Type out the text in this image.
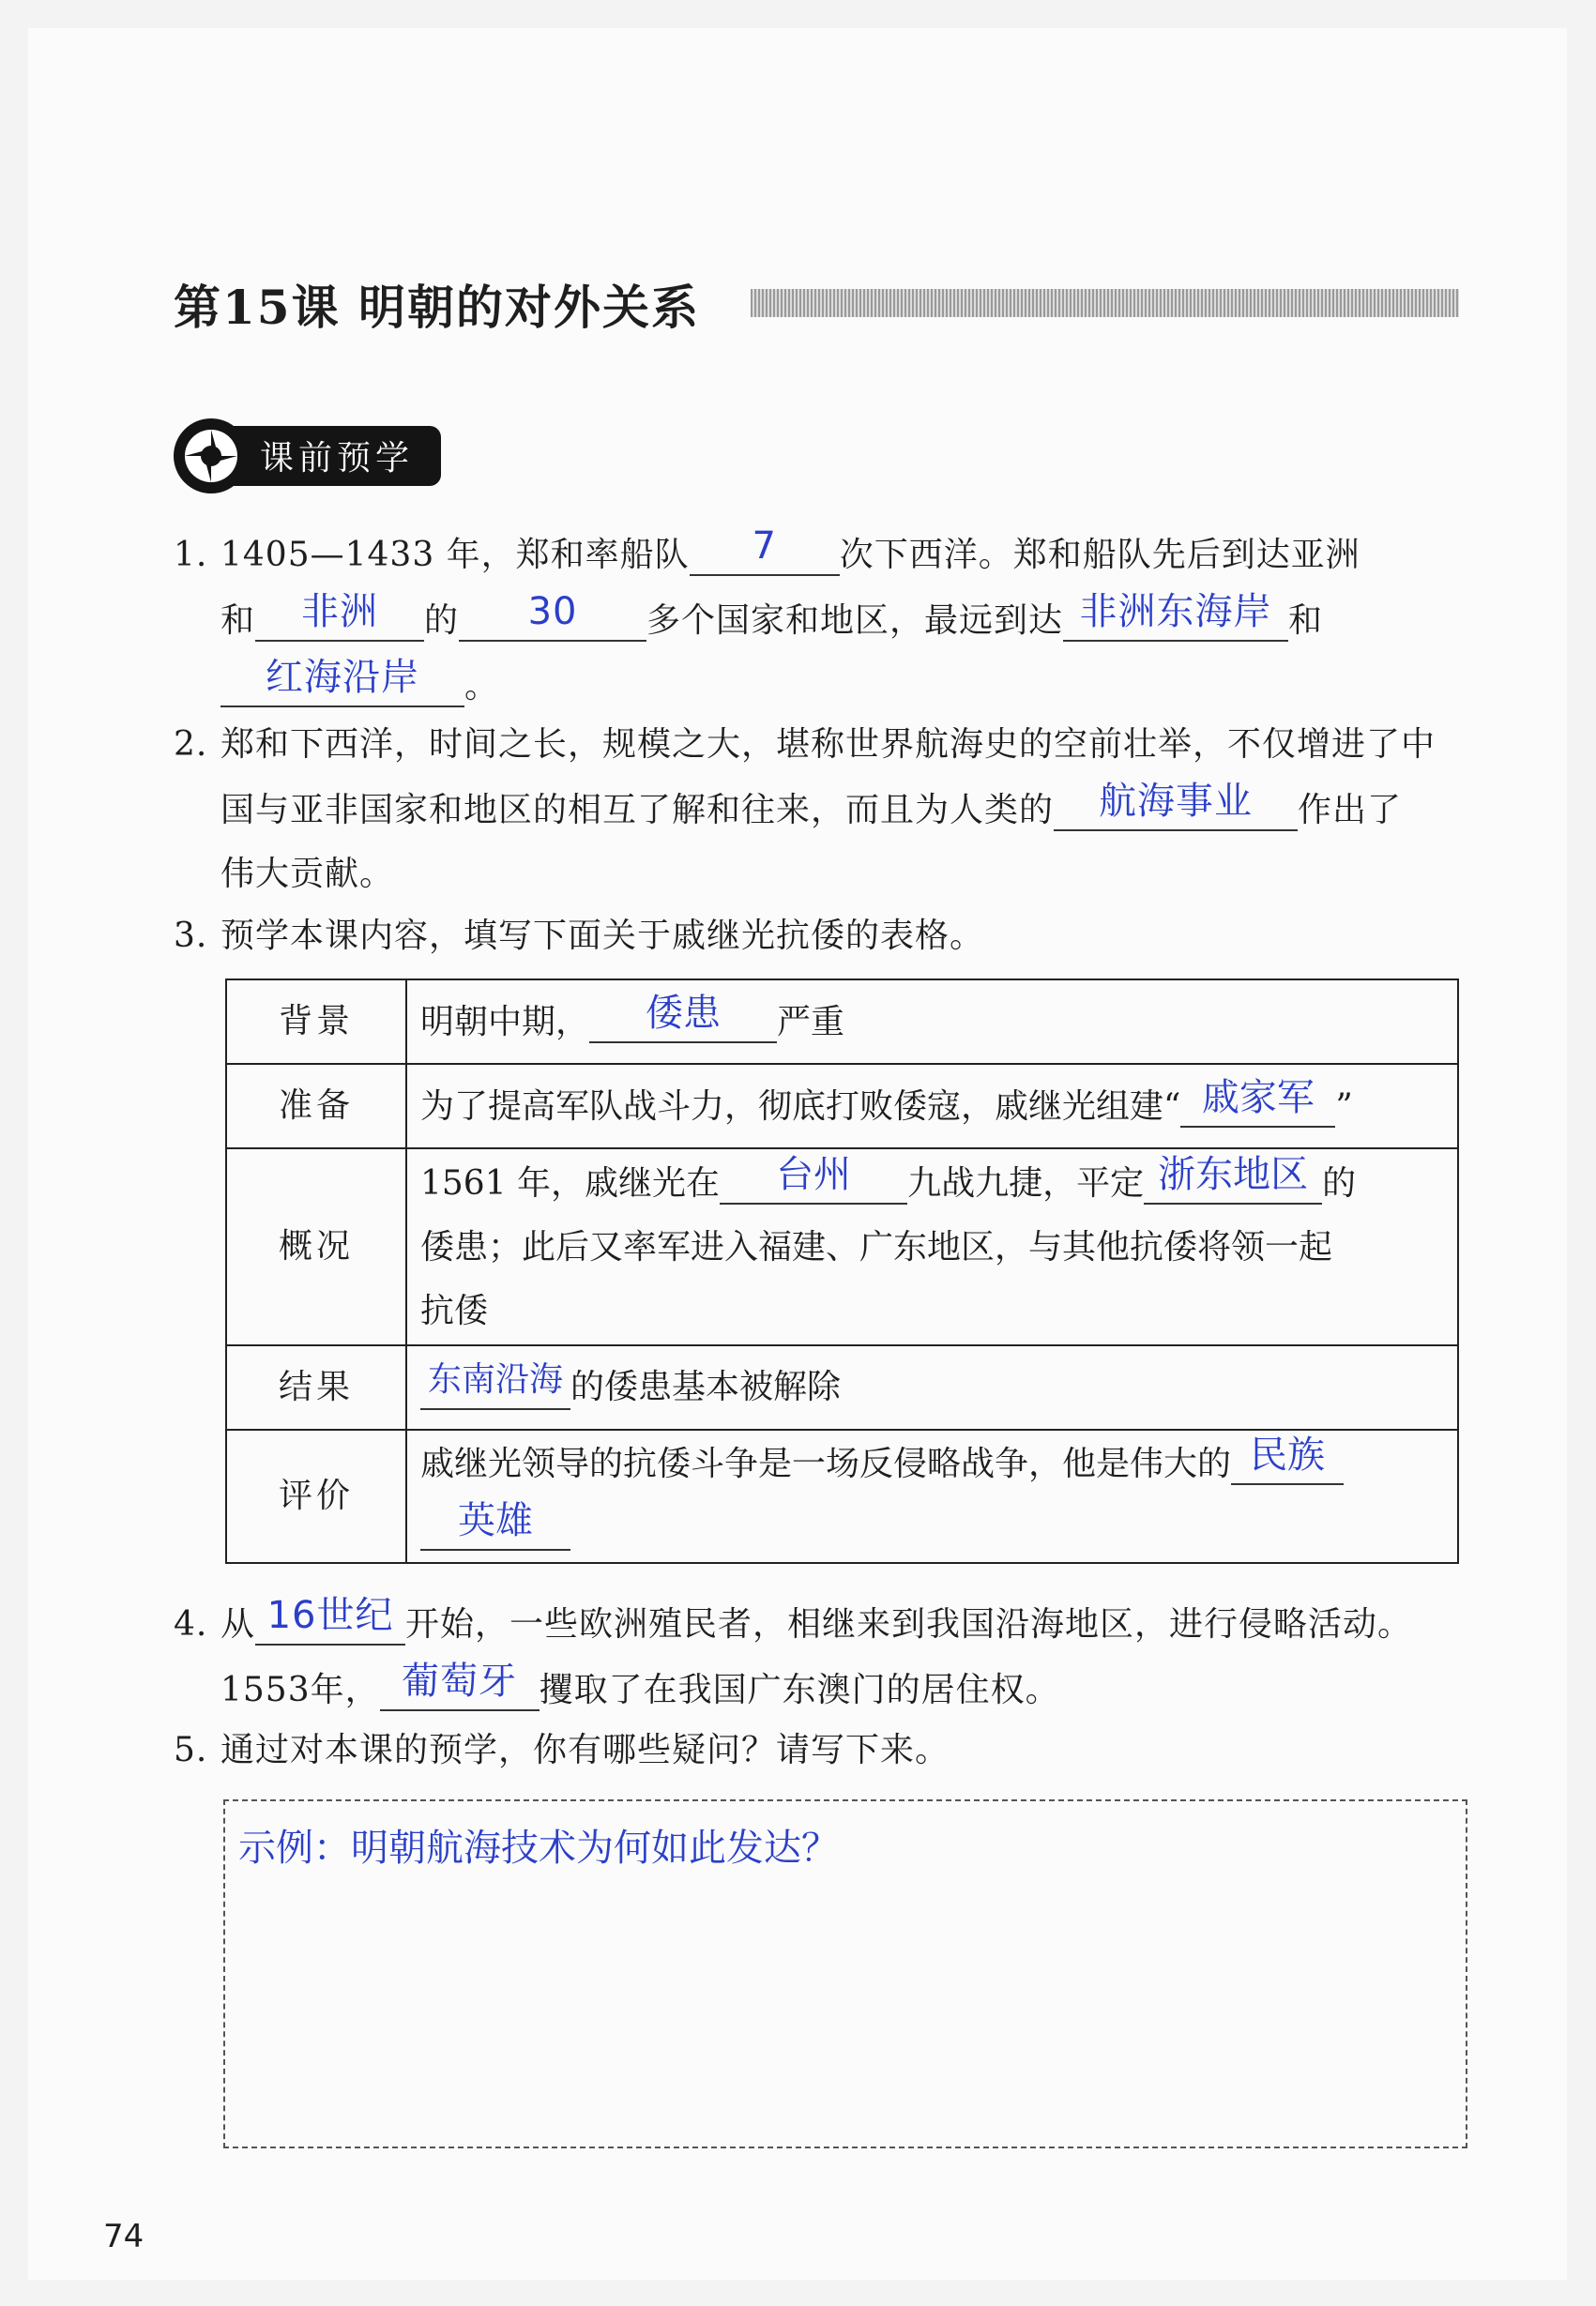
第15课 明朝的对外关系
课前预学
1. 1405—1433 年，郑和率船队 7 次下西洋。郑和船队先后到达亚洲
和 非洲 的 30 多个国家和地区，最远到达 非洲东海岸 和
红海沿岸 。
2. 郑和下西洋，时间之长，规模之大，堪称世界航海史的空前壮举，不仅增进了中
国与亚非国家和地区的相互了解和往来，而且为人类的 航海事业 作出了
伟大贡献。
3. 预学本课内容，填写下面关于戚继光抗倭的表格。
背景	明朝中期， 倭患 严重
准备	为了提高军队战斗力，彻底打败倭寇，戚继光组建“ 戚家军 ”
概况	1561 年，戚继光在 台州 九战九捷，平定 浙东地区 的
倭患；此后又率军进入福建、广东地区，与其他抗倭将领一起
抗倭

结果	东南沿海 的倭患基本被解除
评价	戚继光领导的抗倭斗争是一场反侵略战争，他是伟大的 民族
英雄
4. 从 16世纪 开始，一些欧洲殖民者，相继来到我国沿海地区，进行侵略活动。
1553年， 葡萄牙 攫取了在我国广东澳门的居住权。
5. 通过对本课的预学，你有哪些疑问？请写下来。
示例：明朝航海技术为何如此发达？
74
